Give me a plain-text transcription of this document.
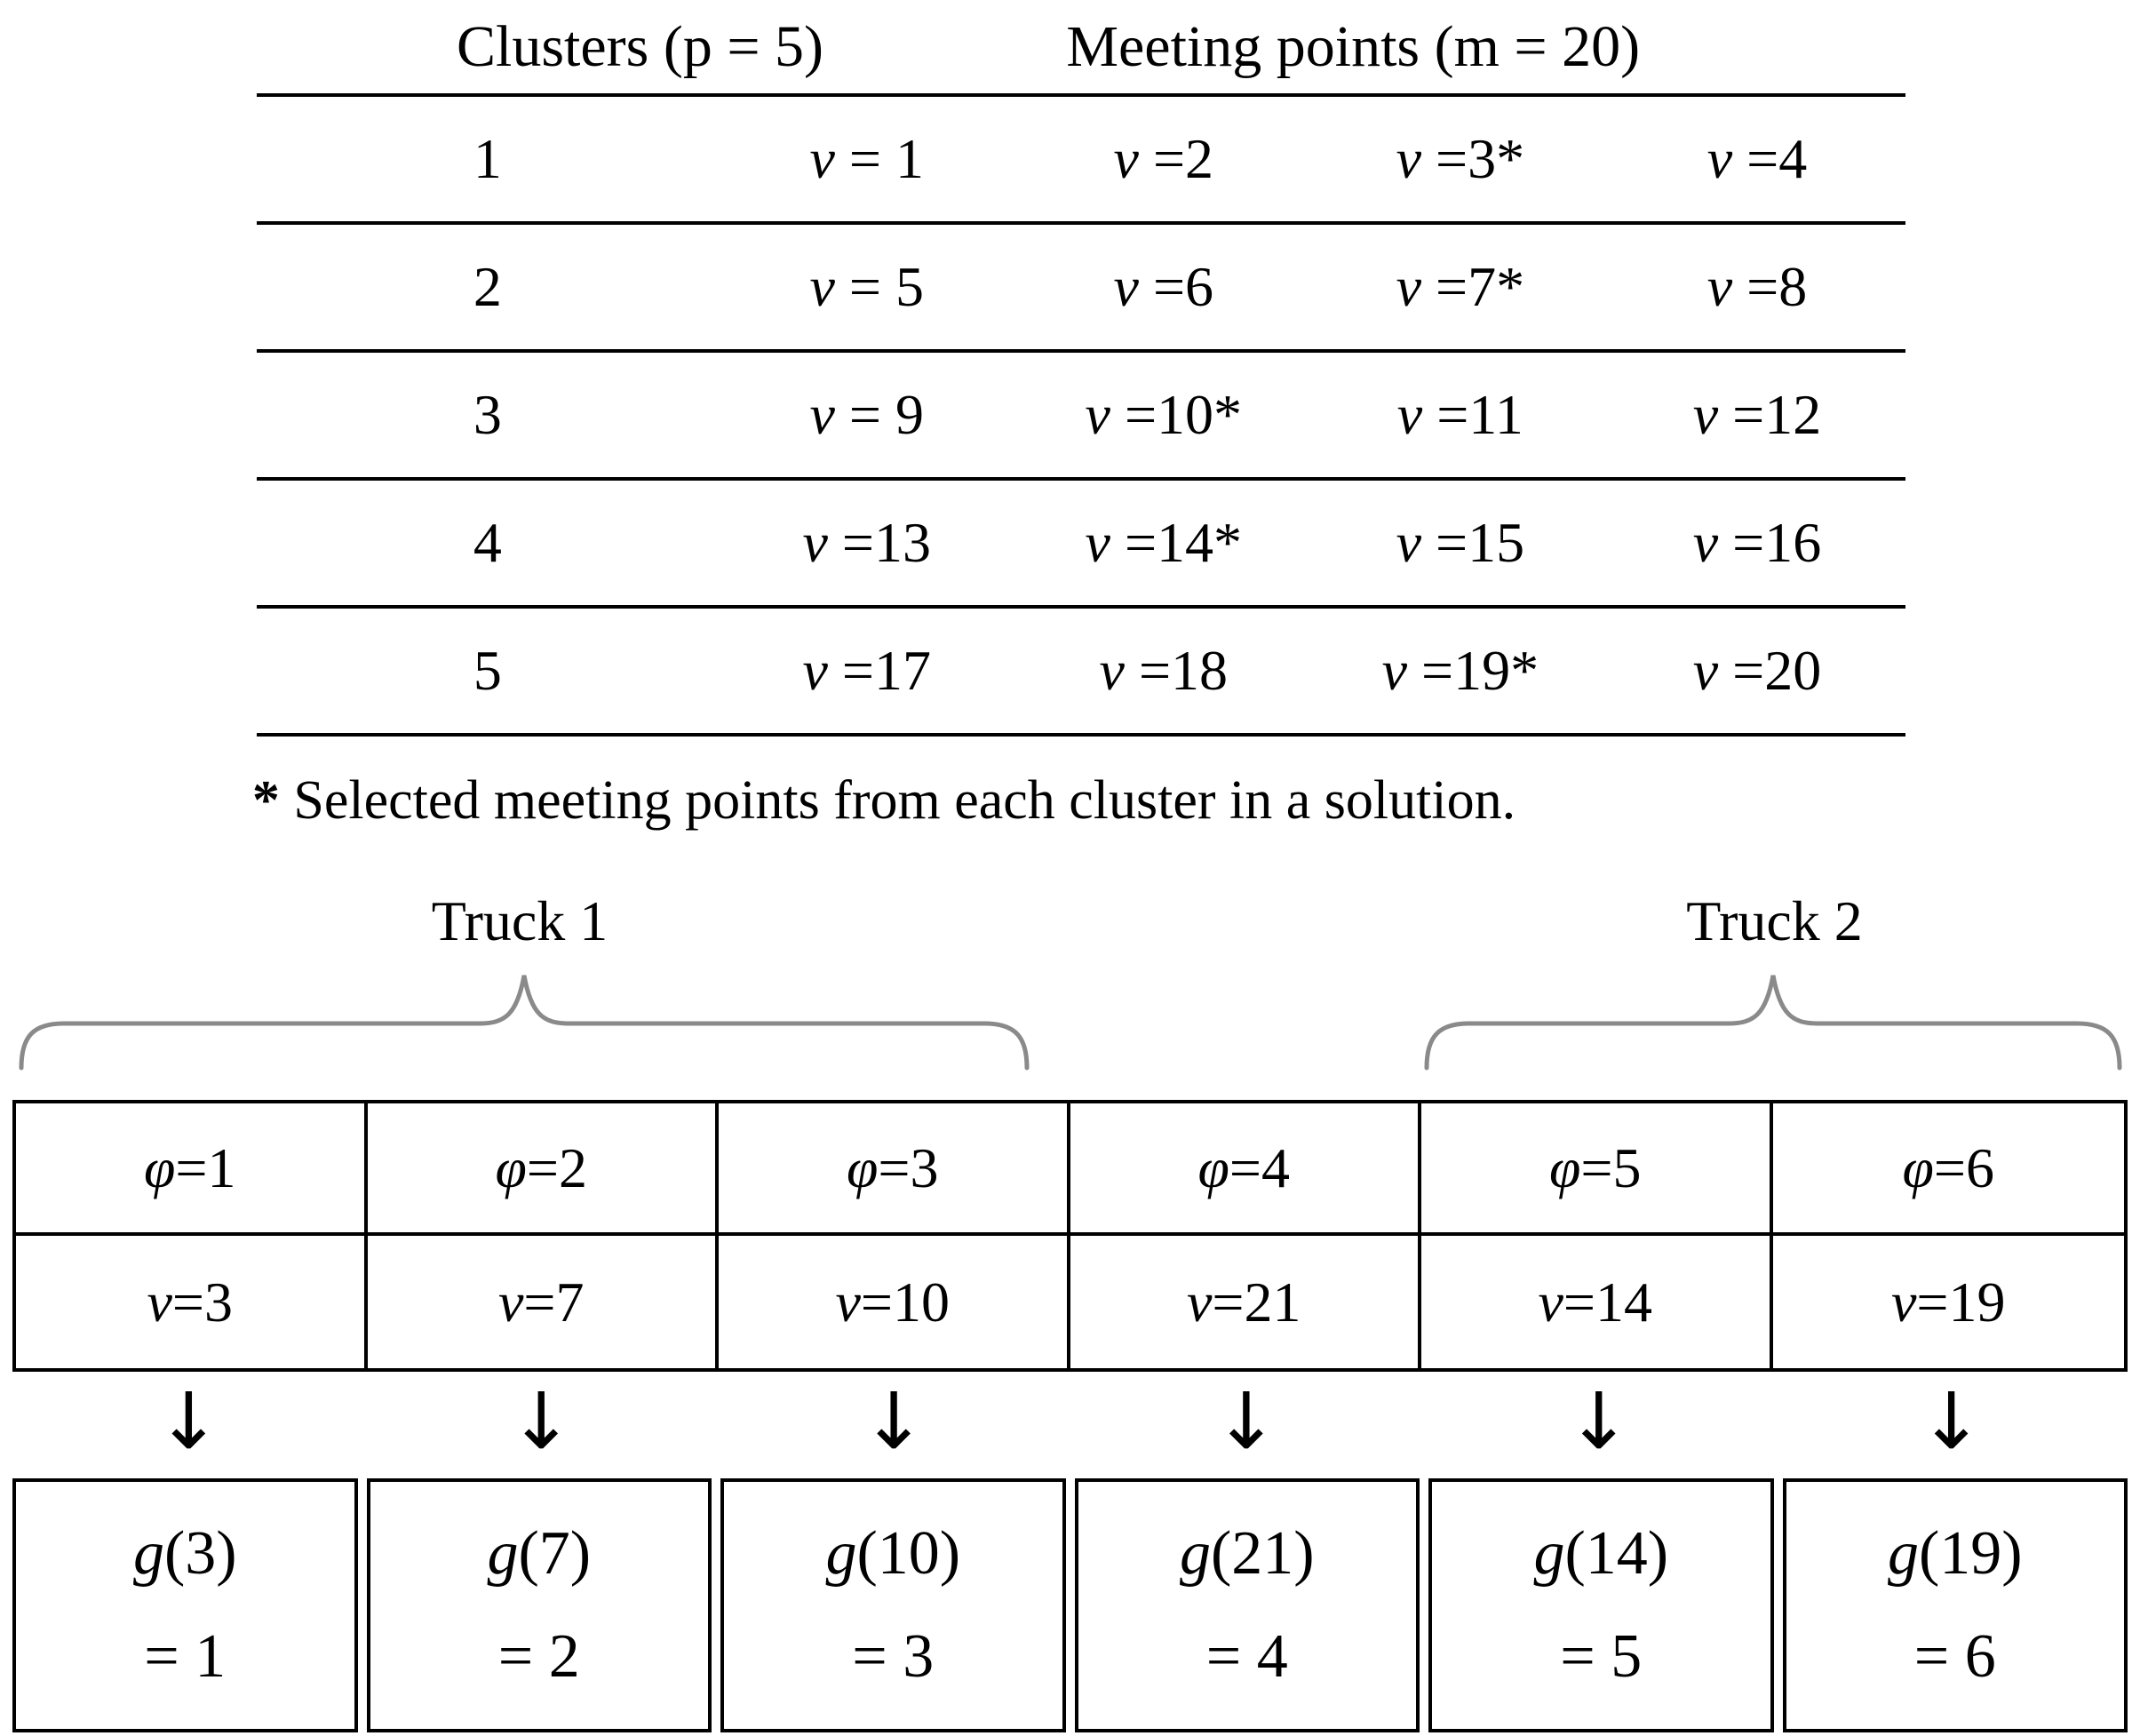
Clusters (p = 5)	Meeting points (m = 20)
1	v = 1	v =2	v =3*	v =4
2	v = 5	v =6	v =7*	v =8
3	v = 9	v =10*	v =11	v =12
4	v =13	v =14*	v =15	v =16
5	v =17	v =18	v =19*	v =20
* Selected meeting points from each cluster in a solution.
Truck 1	Truck 2
φ =1	φ =2	φ =3	φ =4	φ =5	φ =6
v =3	v =7	v =10	v =21	v =14	v =19
↓	↓	↓	↓	↓	↓
g(3)
= 1
g(7)
= 2
g(10)
= 3
g(21)
= 4
g(14)
= 5
g(19)
= 6
